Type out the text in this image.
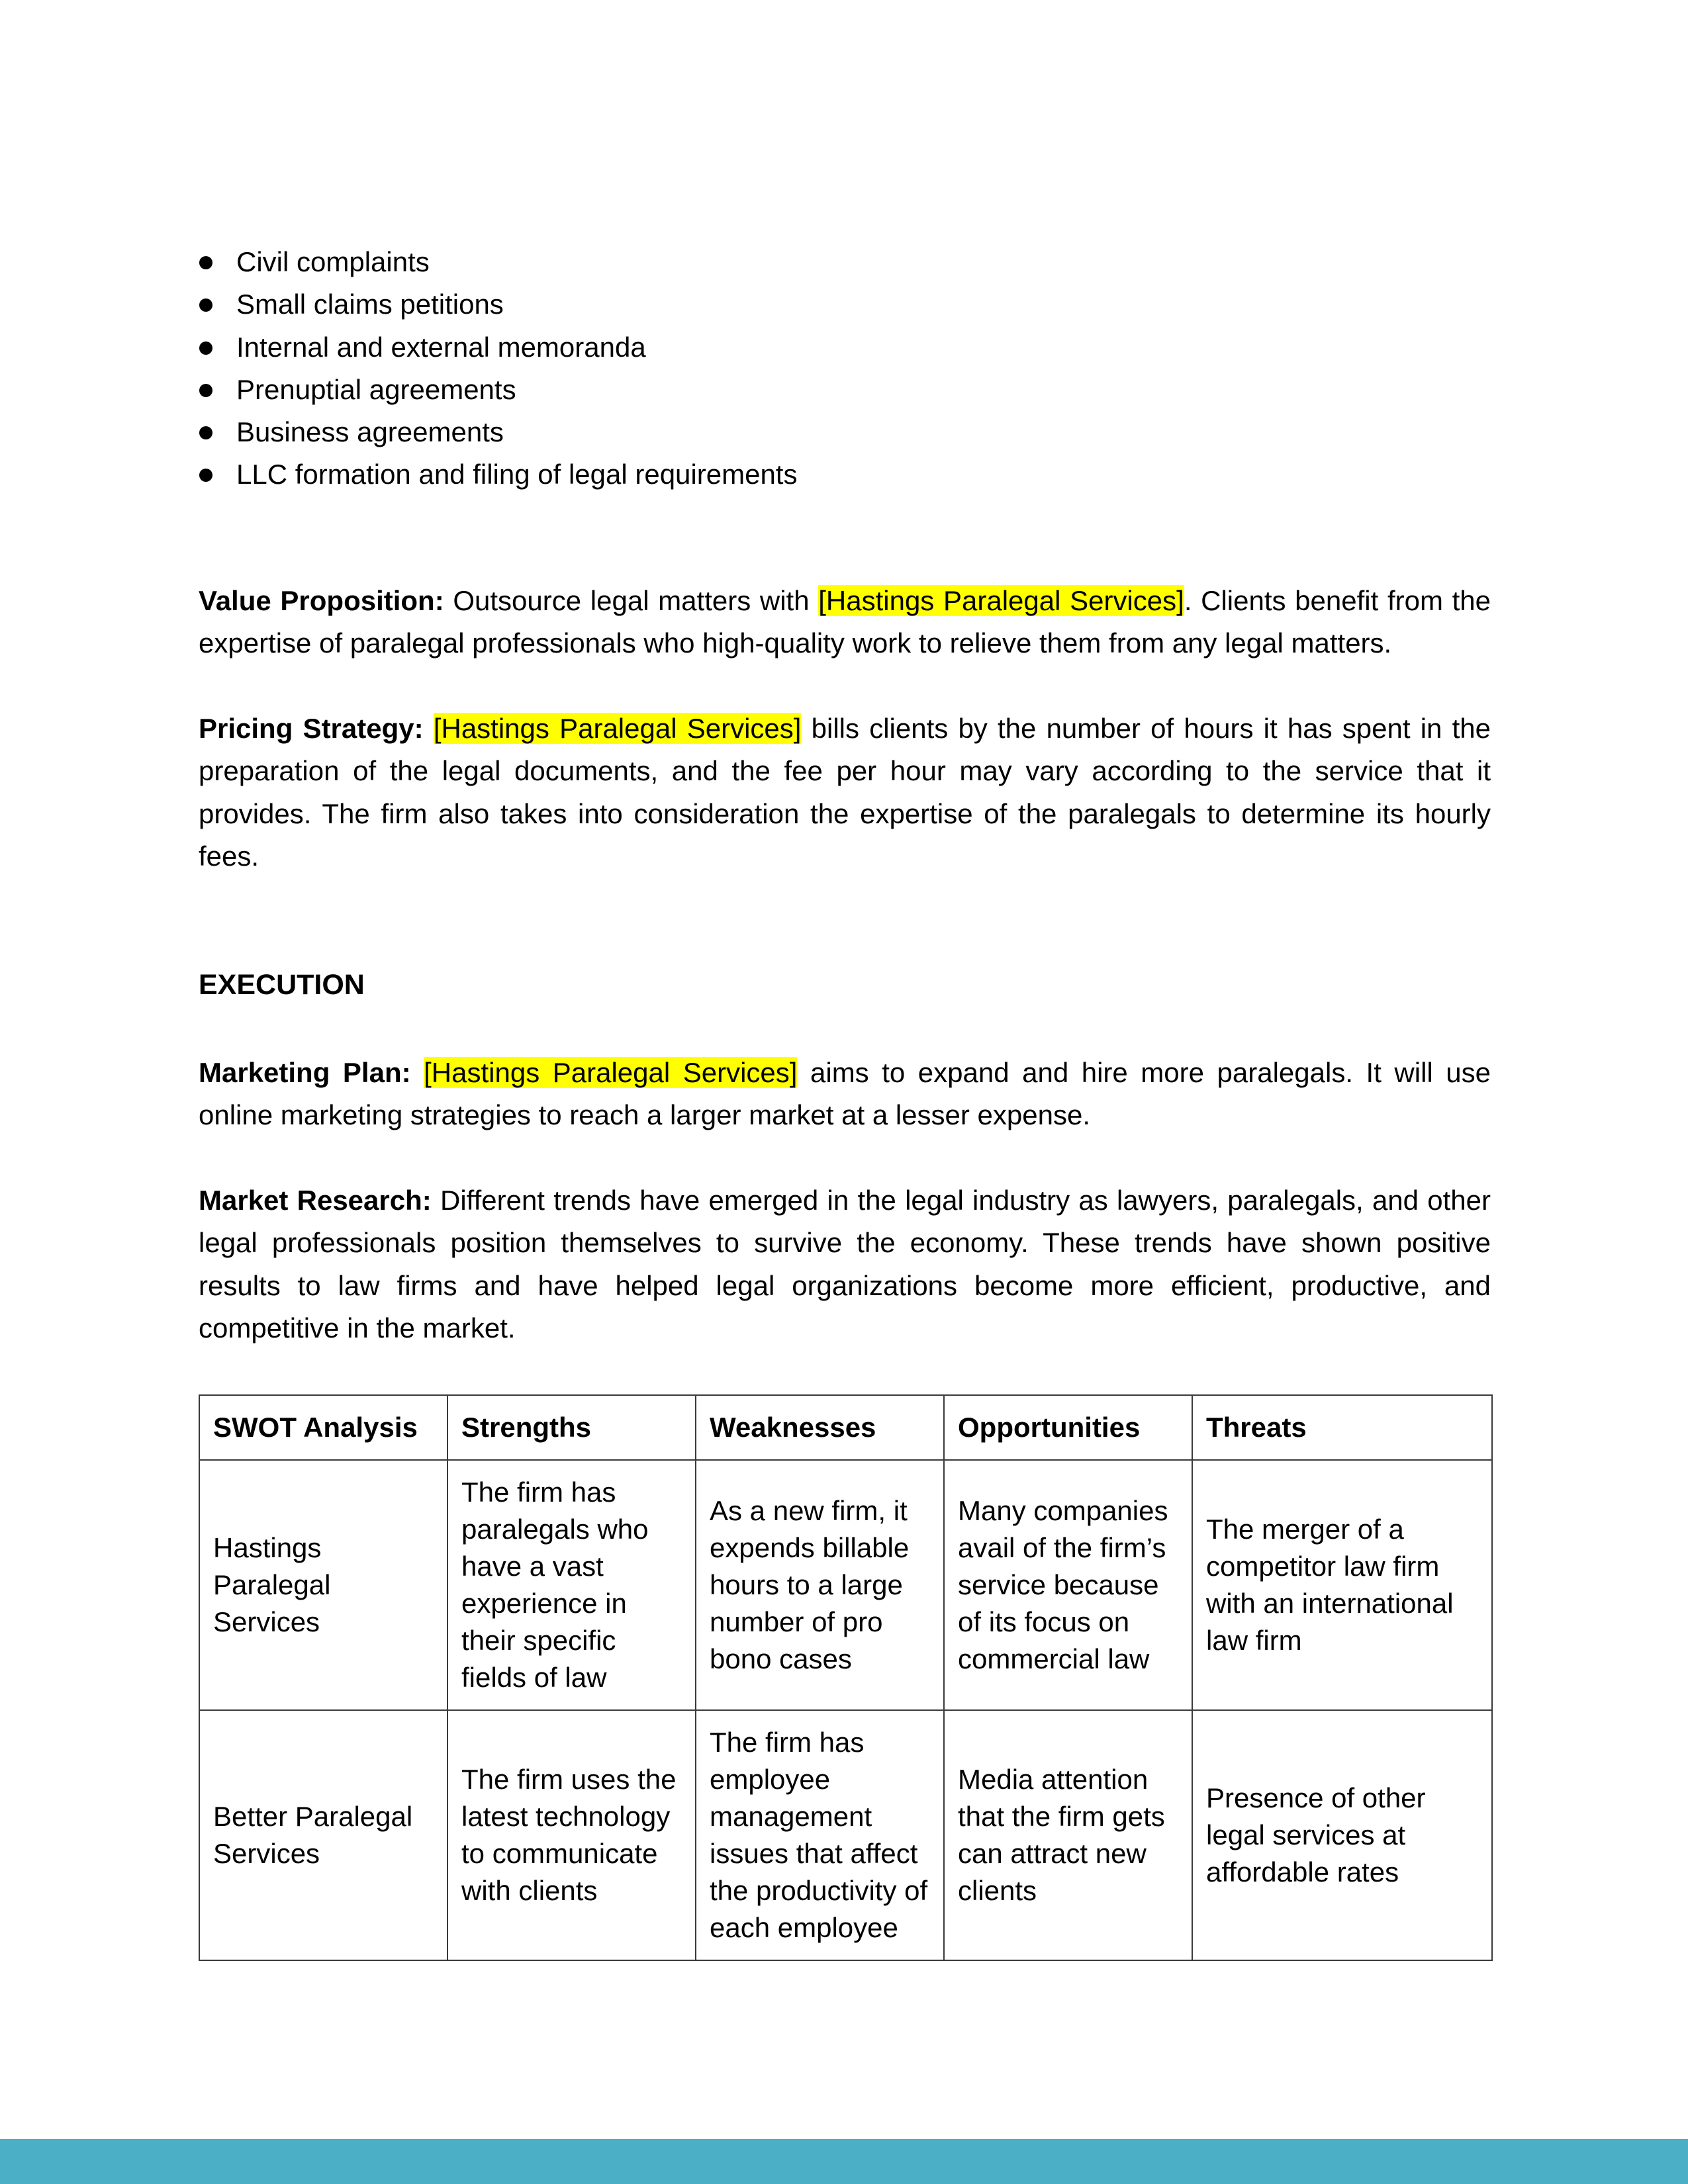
Civil complaints
Small claims petitions
Internal and external memoranda
Prenuptial agreements
Business agreements
LLC formation and filing of legal requirements

Value Proposition: Outsource legal matters with [Hastings Paralegal Services]. Clients benefit from the expertise of paralegal professionals who high-quality work to relieve them from any legal matters.

Pricing Strategy: [Hastings Paralegal Services] bills clients by the number of hours it has spent in the preparation of the legal documents, and the fee per hour may vary according to the service that it provides. The firm also takes into consideration the expertise of the paralegals to determine its hourly fees.

EXECUTION

Marketing Plan: [Hastings Paralegal Services] aims to expand and hire more paralegals. It will use online marketing strategies to reach a larger market at a lesser expense.

Market Research: Different trends have emerged in the legal industry as lawyers, paralegals, and other legal professionals position themselves to survive the economy. These trends have shown positive results to law firms and have helped legal organizations become more efficient, productive, and competitive in the market.

SWOT Analysis	Strengths	Weaknesses	Opportunities	Threats
Hastings Paralegal Services	The firm has paralegals who have a vast experience in their specific fields of law	As a new firm, it expends billable hours to a large number of pro bono cases	Many companies avail of the firm’s service because of its focus on commercial law	The merger of a competitor law firm with an international law firm
Better Paralegal Services	The firm uses the latest technology to communicate with clients	The firm has employee management issues that affect the productivity of each employee	Media attention that the firm gets can attract new clients	Presence of other legal services at affordable rates
